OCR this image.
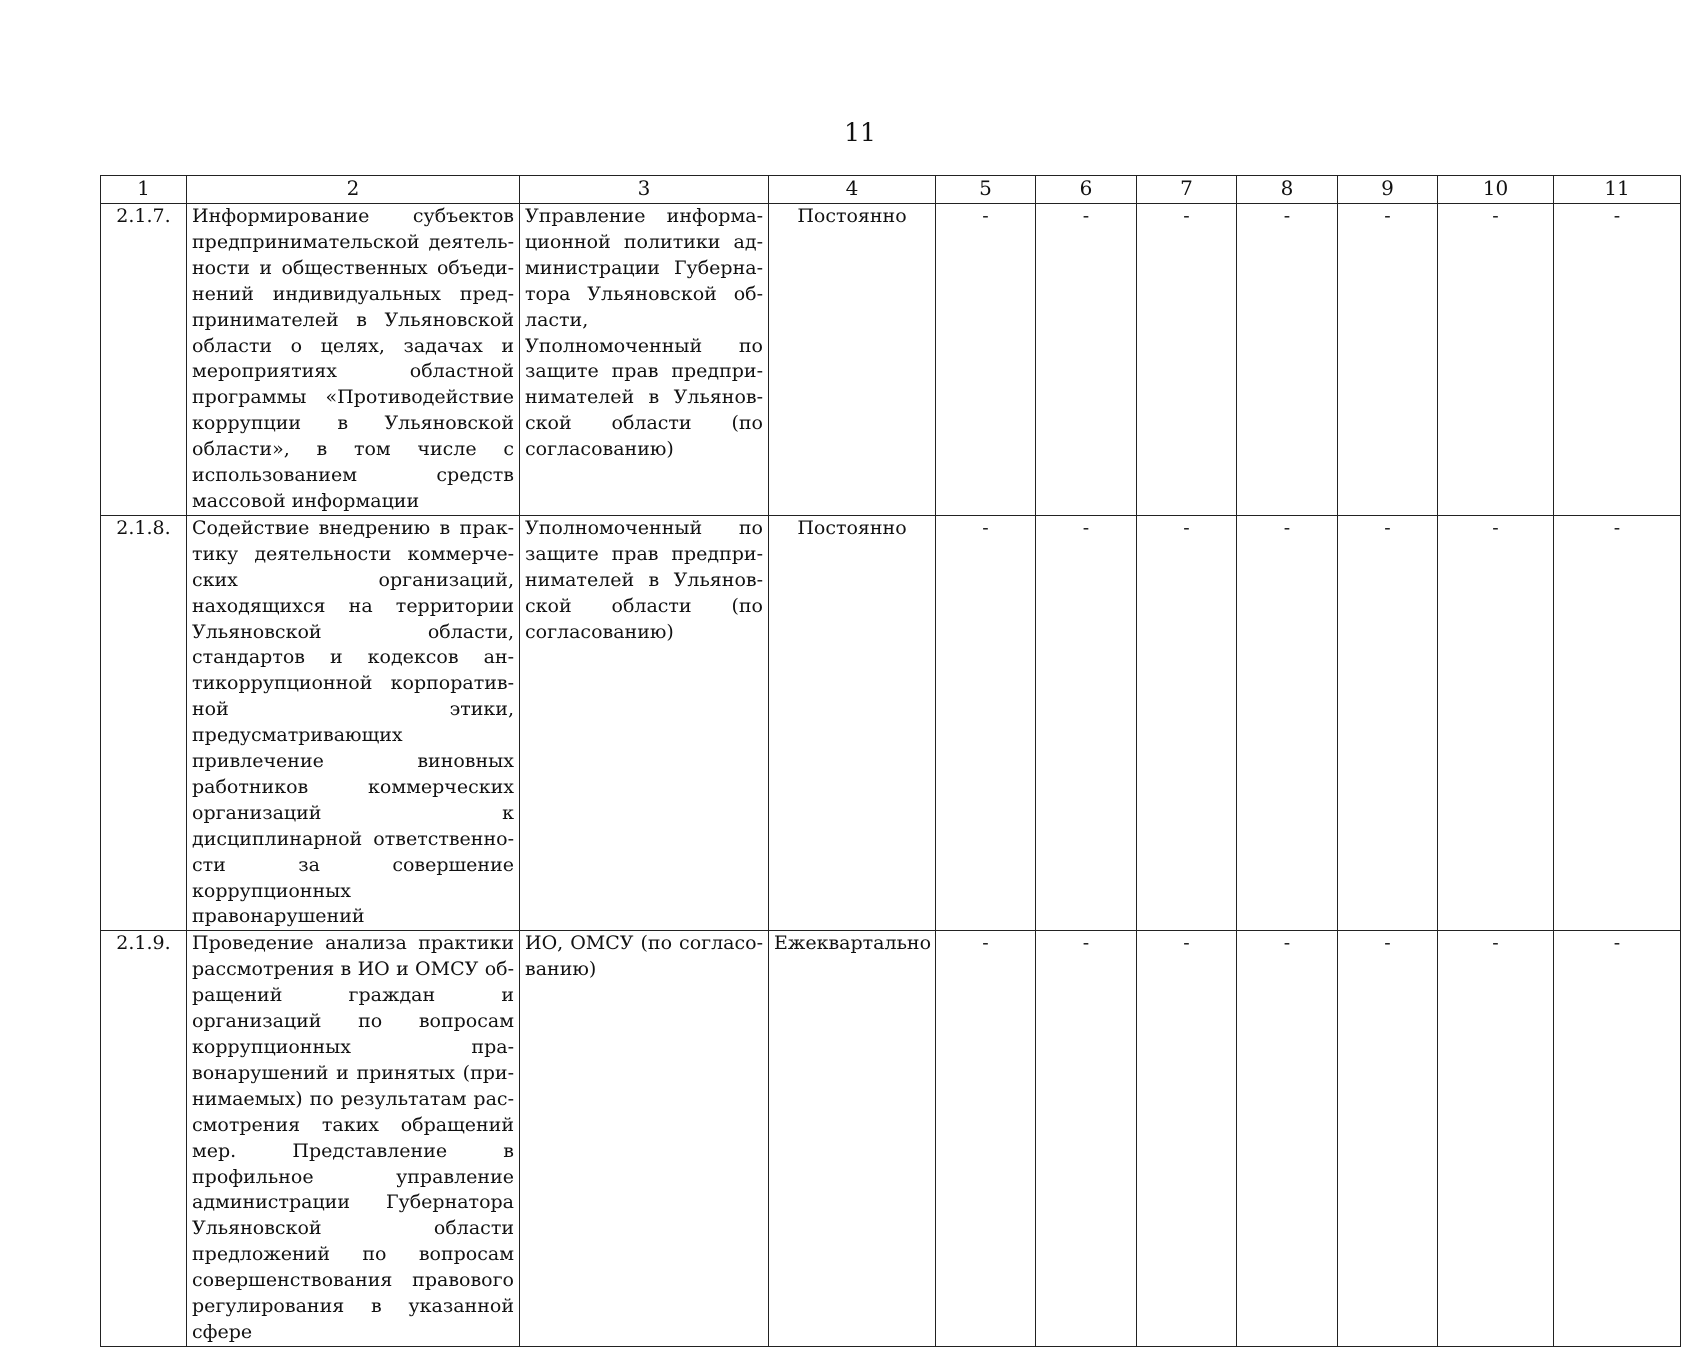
11
1	2	3	4	5	6	7	8	9	10	11
2.1.7.	Информирование субъектов предпринимательской деятельности и общественных объединений индивидуальных предпринимателей в Ульяновской области о целях, задачах и мероприятиях областной программы «Противодействие коррупции в Ульяновской области», в том числе с использованием средств массовой информации	Управление информационной политики администрации Губернатора Ульяновской области, Уполномоченный по защите прав предпринимателей в Ульяновской области (по согласованию)	Постоянно	-	-	-	-	-	-	-
2.1.8.	Содействие внедрению в практику деятельности коммерческих организаций, находящихся на территории Ульяновской области, стандартов и кодексов антикоррупционной корпоративной этики, предусматривающих привлечение виновных работников коммерческих организаций к дисциплинарной ответственности за совершение коррупционных правонарушений	Уполномоченный по защите прав предпринимателей в Ульяновской области (по согласованию)	Постоянно	-	-	-	-	-	-	-
2.1.9.	Проведение анализа практики рассмотрения в ИО и ОМСУ обращений граждан и организаций по вопросам коррупционных правонарушений и принятых (принимаемых) по результатам рассмотрения таких обращений мер. Представление в профильное управление администрации Губернатора Ульяновской области предложений по вопросам совершенствования правового регулирования в указанной сфере	ИО, ОМСУ (по согласованию)	Ежеквартально	-	-	-	-	-	-	-
